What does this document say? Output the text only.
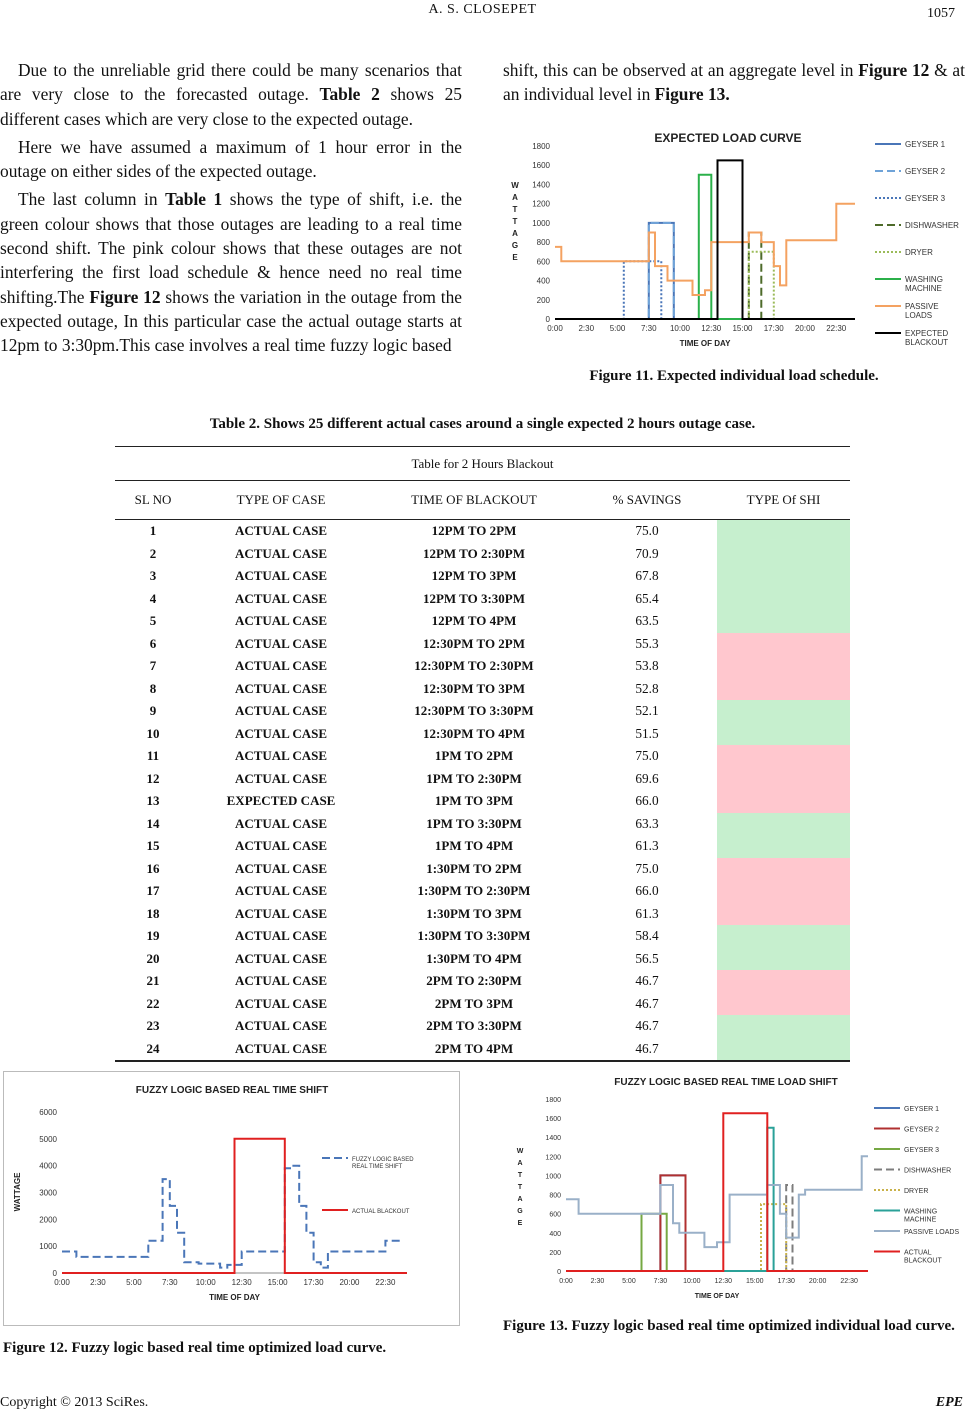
A. S. CLOSEPET	1057

Due to the unreliable grid there could be many scenarios that are very close to the forecasted outage. Table 2 shows 25 different cases which are very close to the expected outage.

Here we have assumed a maximum of 1 hour error in the outage on either sides of the expected outage.

The last column in Table 1 shows the type of shift, i.e. the green colour shows that those outages are leading to a real time second shift. The pink colour shows that these outages are not interfering the first load schedule & hence need no real time shifting.The Figure 12 shows the variation in the outage from the expected outage, In this particular case the actual outage starts at 12pm to 3:30pm.This case involves a real time fuzzy logic based

shift, this can be observed at an aggregate level in Figure 12 & at an individual level in Figure 13.

EXPECTED LOAD CURVE
0
200
400
600
800
1000
1200
1400
1600
1800
0:00 2:30 5:00 7:30 10:00 12:30 15:00 17:30 20:00 22:30
TIME OF DAY
W
A
T
T
A
G
E
GEYSER 1
GEYSER 2
GEYSER 3
DISHWASHER
DRYER
WASHING
MACHINE
PASSIVE
LOADS
EXPECTED
BLACKOUT
Figure 11. Expected individual load schedule.
Table 2. Shows 25 different actual cases around a single expected 2 hours outage case.
Table for 2 Hours Blackout
SL NO	TYPE OF CASE	TIME OF BLACKOUT	% SAVINGS	TYPE Of SHI
1	ACTUAL CASE	12PM TO 2PM	75.0	
2	ACTUAL CASE	12PM TO 2:30PM	70.9	
3	ACTUAL CASE	12PM TO 3PM	67.8	
4	ACTUAL CASE	12PM TO 3:30PM	65.4	
5	ACTUAL CASE	12PM TO 4PM	63.5	
6	ACTUAL CASE	12:30PM TO 2PM	55.3	
7	ACTUAL CASE	12:30PM TO 2:30PM	53.8	
8	ACTUAL CASE	12:30PM TO 3PM	52.8	
9	ACTUAL CASE	12:30PM TO 3:30PM	52.1	
10	ACTUAL CASE	12:30PM TO 4PM	51.5	
11	ACTUAL CASE	1PM TO 2PM	75.0	
12	ACTUAL CASE	1PM TO 2:30PM	69.6	
13	EXPECTED CASE	1PM TO 3PM	66.0	
14	ACTUAL CASE	1PM TO 3:30PM	63.3	
15	ACTUAL CASE	1PM TO 4PM	61.3	
16	ACTUAL CASE	1:30PM TO 2PM	75.0	
17	ACTUAL CASE	1:30PM TO 2:30PM	66.0	
18	ACTUAL CASE	1:30PM TO 3PM	61.3	
19	ACTUAL CASE	1:30PM TO 3:30PM	58.4	
20	ACTUAL CASE	1:30PM TO 4PM	56.5	
21	ACTUAL CASE	2PM TO 2:30PM	46.7	
22	ACTUAL CASE	2PM TO 3PM	46.7	
23	ACTUAL CASE	2PM TO 3:30PM	46.7	
24	ACTUAL CASE	2PM TO 4PM	46.7	
FUZZY LOGIC BASED REAL TIME SHIFT
0
1000
2000
3000
4000
5000
6000
0:00	2:30	5:00	7:30 10:00 12:30 15:00 17:30 20:00 22:30
TIME OF DAY
WATTAGE
FUZZY LOGIC BASED
REAL TIME SHIFT
ACTUAL BLACKOUT
Figure 12. Fuzzy logic based real time optimized load curve.
FUZZY LOGIC BASED REAL TIME LOAD SHIFT
0
200
400
600
800
1000
1200
1400
1600
1800
0:00	2:30	5:00	7:30 10:00 12:30 15:00 17:30 20:00 22:30
TIME OF DAY
W
A
T
T
A
G
E
GEYSER 1
GEYSER 2
GEYSER 3
DISHWASHER
DRYER
WASHING
MACHINE
PASSIVE LOADS
ACTUAL
BLACKOUT
Figure 13. Fuzzy logic based real time optimized individual load curve.
Copyright © 2013 SciRes.	EPE
